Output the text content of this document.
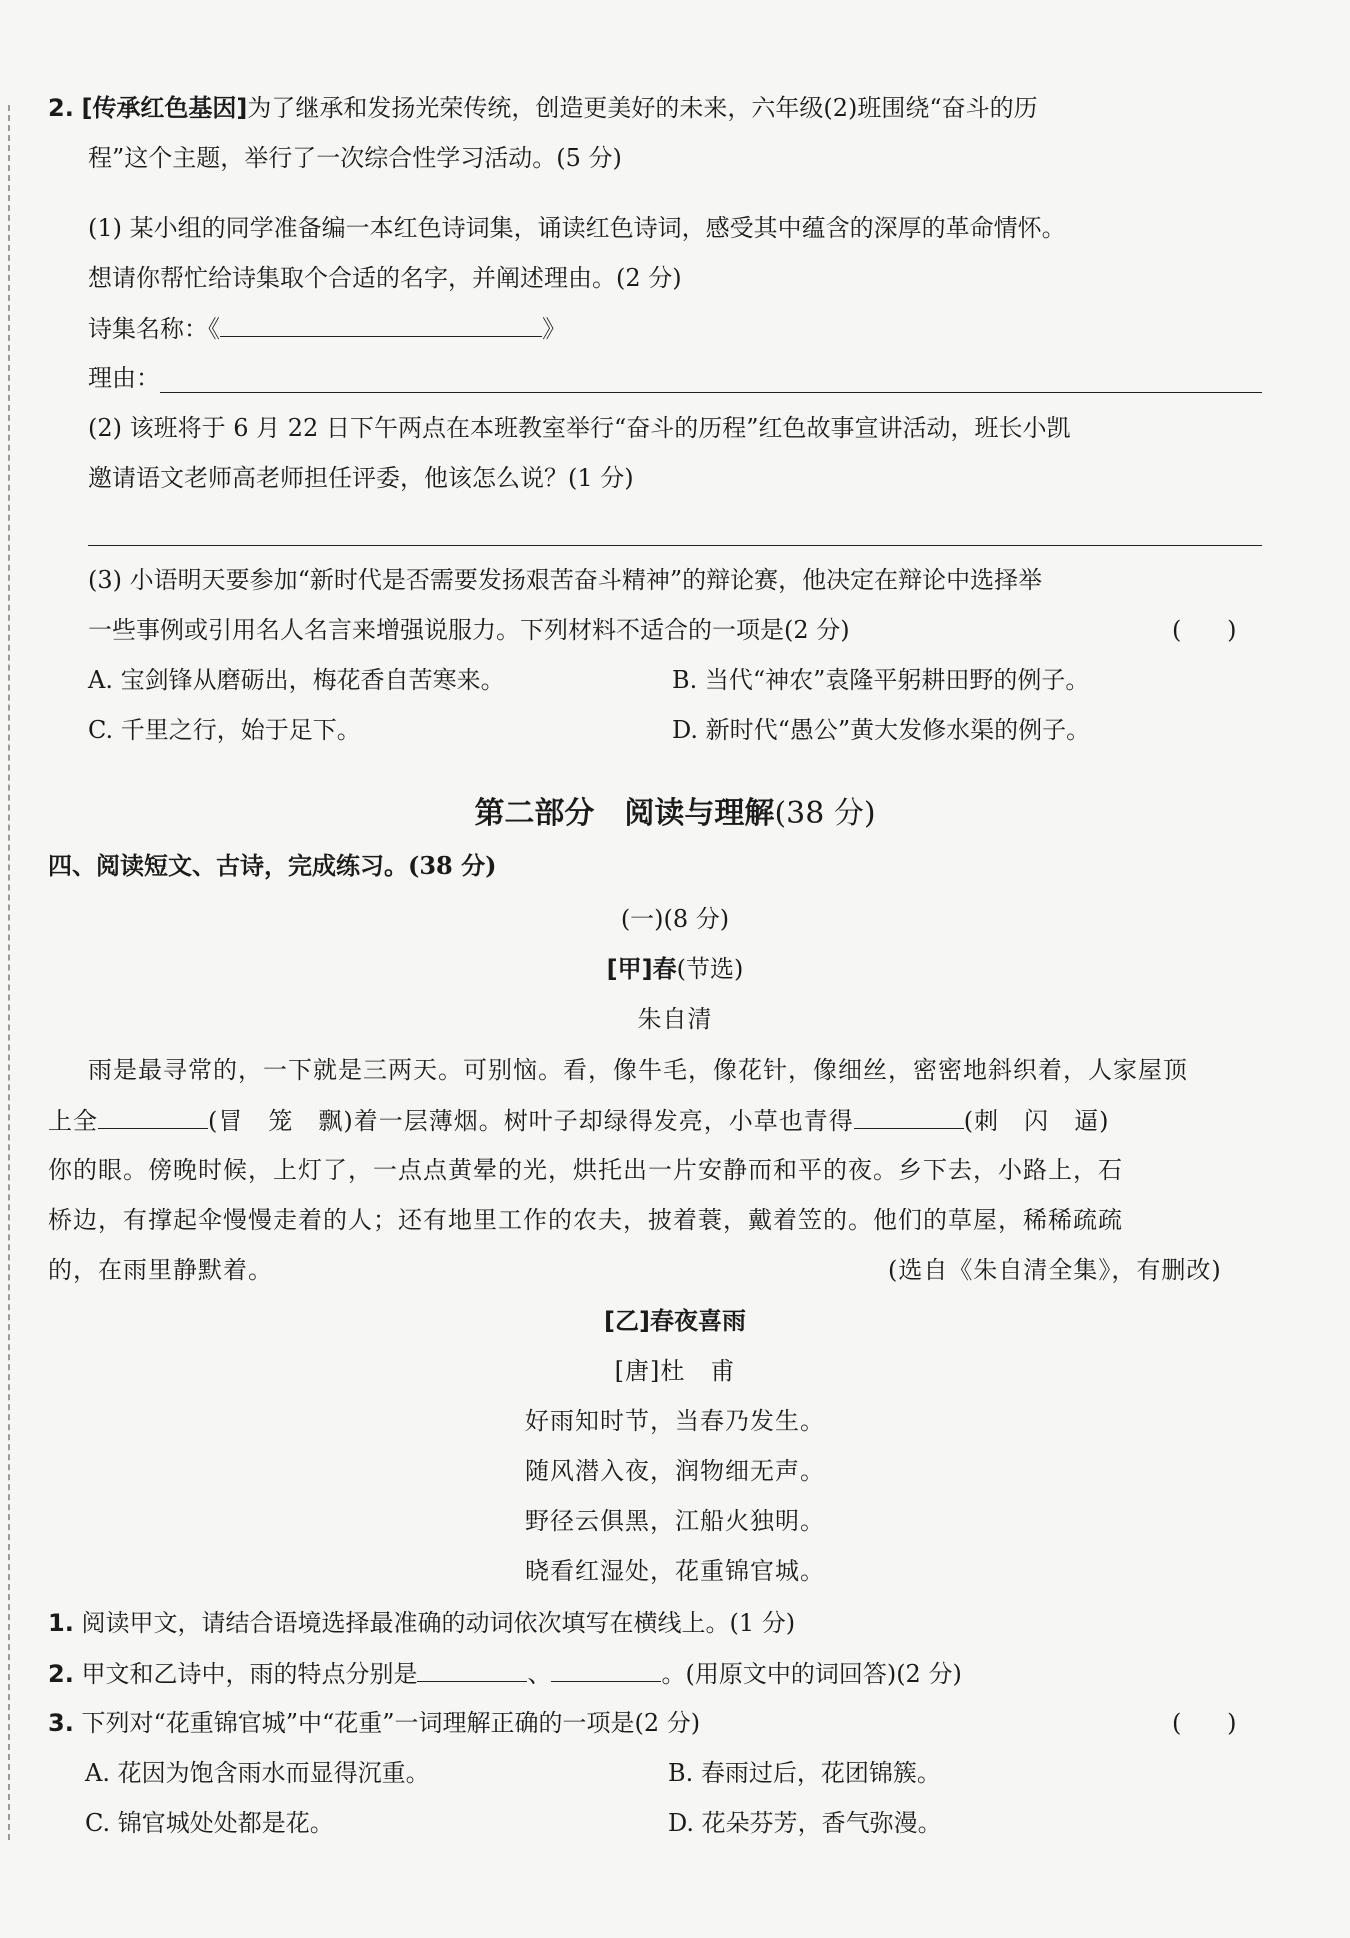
2. [传承红色基因]为了继承和发扬光荣传统，创造更美好的未来，六年级(2)班围绕“奋斗的历
程”这个主题，举行了一次综合性学习活动。(5 分)
(1) 某小组的同学准备编一本红色诗词集，诵读红色诗词，感受其中蕴含的深厚的革命情怀。
想请你帮忙给诗集取个合适的名字，并阐述理由。(2 分)
诗集名称：《	》
理由：
(2) 该班将于 6 月 22 日下午两点在本班教室举行“奋斗的历程”红色故事宣讲活动，班长小凯
邀请语文老师高老师担任评委，他该怎么说？(1 分)
(3) 小语明天要参加“新时代是否需要发扬艰苦奋斗精神”的辩论赛，他决定在辩论中选择举
一些事例或引用名人名言来增强说服力。下列材料不适合的一项是(2 分)	(      )
A. 宝剑锋从磨砺出，梅花香自苦寒来。	B. 当代“神农”袁隆平躬耕田野的例子。
C. 千里之行，始于足下。	D. 新时代“愚公”黄大发修水渠的例子。
第二部分　阅读与理解(38 分)
四、阅读短文、古诗，完成练习。(38 分)
(一)(8 分)
[甲]春(节选)
朱自清
雨是最寻常的，一下就是三两天。可别恼。看，像牛毛，像花针，像细丝，密密地斜织着，人家屋顶
上全	(冒　笼　飘)着一层薄烟。树叶子却绿得发亮，小草也青得	(刺　闪　逼)
你的眼。傍晚时候，上灯了，一点点黄晕的光，烘托出一片安静而和平的夜。乡下去，小路上，石
桥边，有撑起伞慢慢走着的人；还有地里工作的农夫，披着蓑，戴着笠的。他们的草屋，稀稀疏疏
的，在雨里静默着。	(选自《朱自清全集》，有删改)
[乙]春夜喜雨
[唐]杜　甫
好雨知时节，当春乃发生。
随风潜入夜，润物细无声。
野径云俱黑，江船火独明。
晓看红湿处，花重锦官城。
1. 阅读甲文，请结合语境选择最准确的动词依次填写在横线上。(1 分)
2. 甲文和乙诗中，雨的特点分别是	、	。(用原文中的词回答)(2 分)
3. 下列对“花重锦官城”中“花重”一词理解正确的一项是(2 分)	(      )
A. 花因为饱含雨水而显得沉重。	B. 春雨过后，花团锦簇。
C. 锦官城处处都是花。	D. 花朵芬芳，香气弥漫。
